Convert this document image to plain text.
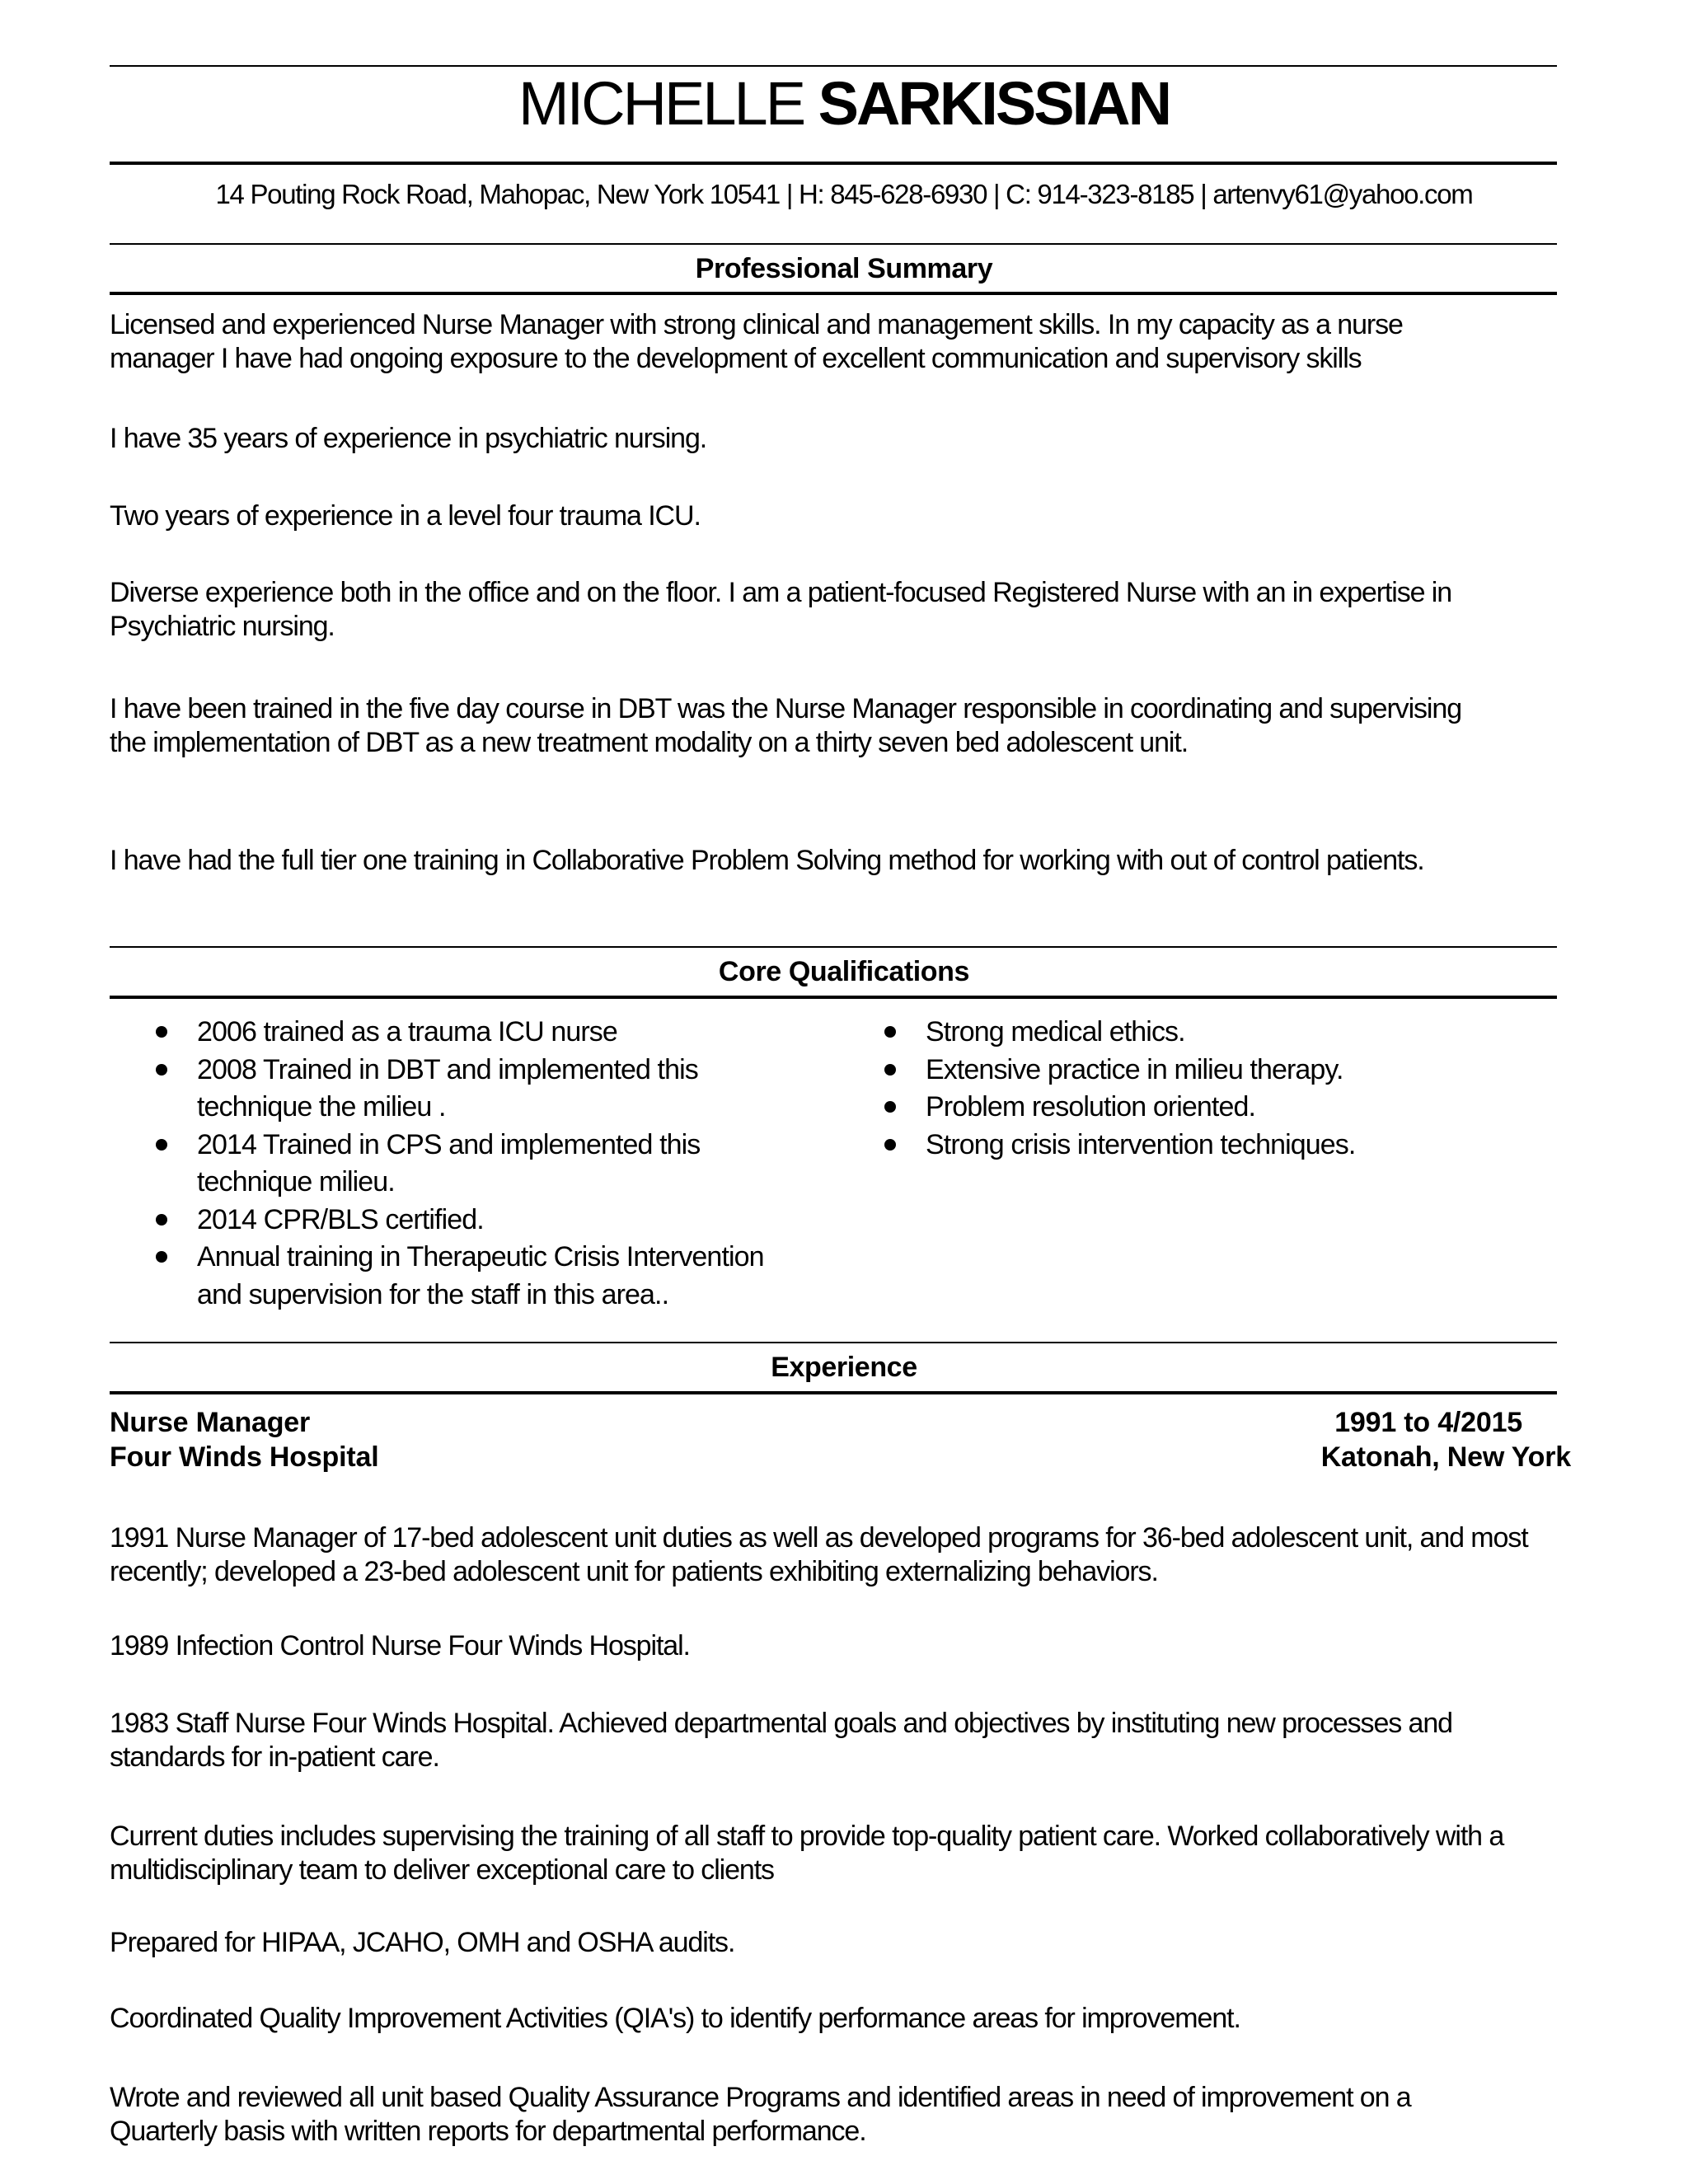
MICHELLE SARKISSIAN
14 Pouting Rock Road, Mahopac, New York 10541 | H: 845-628-6930 | C: 914-323-8185 | artenvy61@yahoo.com
Professional Summary
Licensed and experienced Nurse Manager with strong clinical and management skills. In my capacity as a nurse
manager I have had ongoing exposure to the development of excellent communication and supervisory skills
I have 35 years of experience in psychiatric nursing.
Two years of experience in a level four trauma ICU.
Diverse experience both in the office and on the floor. I am a patient-focused Registered Nurse with an in expertise in
Psychiatric nursing.
I have been trained in the five day course in DBT was the Nurse Manager responsible in coordinating and supervising
the implementation of DBT as a new treatment modality on a thirty seven bed adolescent unit.
I have had the full tier one training in Collaborative Problem Solving method for working with out of control patients.
Core Qualifications
2006 trained as a trauma ICU nurse
2008 Trained in DBT and implemented this
technique the milieu .
2014 Trained in CPS and implemented this
technique milieu.
2014 CPR/BLS certified.
Annual training in Therapeutic Crisis Intervention
and supervision for the staff in this area..
Strong medical ethics.
Extensive practice in milieu therapy.
Problem resolution oriented.
Strong crisis intervention techniques.
Experience
Nurse Manager	1991 to 4/2015
Four Winds Hospital	Katonah, New York
1991 Nurse Manager of 17-bed adolescent unit duties as well as developed programs for 36-bed adolescent unit, and most
recently; developed a 23-bed adolescent unit for patients exhibiting externalizing behaviors.
1989 Infection Control Nurse Four Winds Hospital.
1983 Staff Nurse Four Winds Hospital. Achieved departmental goals and objectives by instituting new processes and
standards for in-patient care.
Current duties includes supervising the training of all staff to provide top-quality patient care. Worked collaboratively with a
multidisciplinary team to deliver exceptional care to clients
Prepared for HIPAA, JCAHO, OMH and OSHA audits.
Coordinated Quality Improvement Activities (QIA's) to identify performance areas for improvement.
Wrote and reviewed all unit based Quality Assurance Programs and identified areas in need of improvement on a
Quarterly basis with written reports for departmental performance.
